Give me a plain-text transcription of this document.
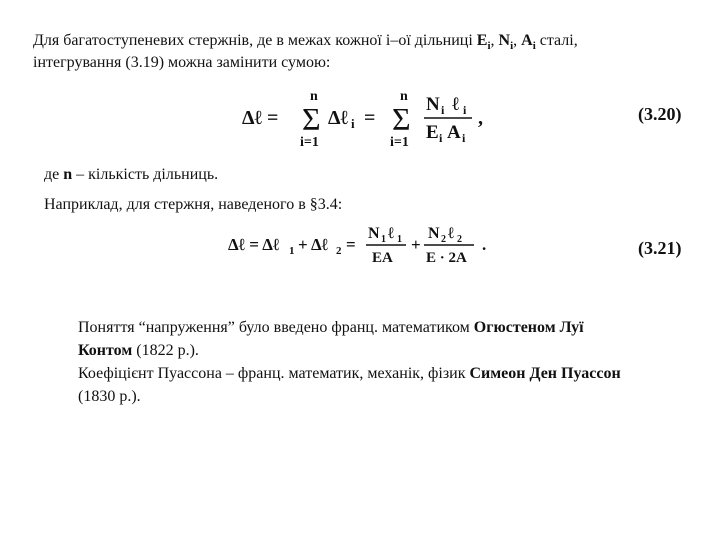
Для багатоступеневих стержнів, де в межах кожної i–ої дільниці $E_i$, $N_i$, $A_i$ сталі,
інтегрування (3.19) можна замінити сумою:
Δℓ =
n
Σ
i=1
Δℓ i =
n
Σ
i=1
N i ℓ i
E i A i
,	(3.20)
де n – кількість дільниць.
Наприклад, для стержня, наведеного в §3.4:
Δℓ = Δℓ 1 + Δℓ 2 =
N 1 ℓ 1
EA
+
N 2 ℓ 2
E · 2A
.	(3.21)
Поняття “напруження” було введено франц. математиком Огюстеном Луї Контом (1822 р.).
Коефіцієнт Пуассона – франц. математик, механік, фізик Симеон Ден Пуассон (1830 р.).
